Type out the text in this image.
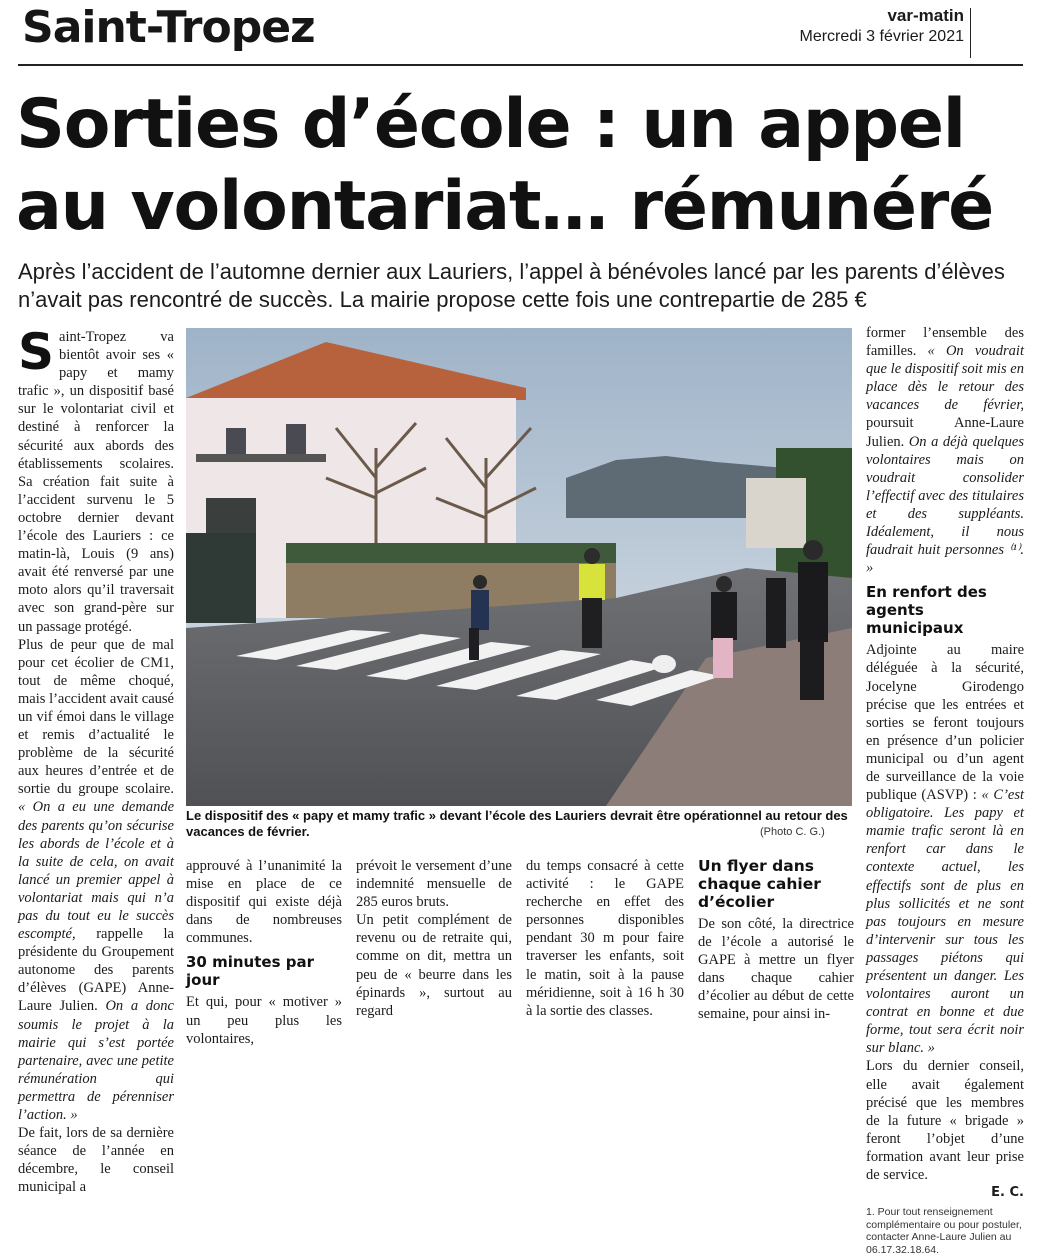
Saint-Tropez	var-matin
Mercredi 3 février 2021
Sorties d’école : un appel
au volontariat… rémunéré
Après l’accident de l’automne dernier aux Lauriers, l’appel à bénévoles lancé par les parents d’élèves n’avait pas rencontré de succès. La mairie propose cette fois une contrepartie de 285 €

Saint-Tropez va bientôt avoir ses « papy et mamy trafic », un dispositif basé sur le volontariat civil et destiné à renforcer la sécurité aux abords des établissements scolaires. Sa création fait suite à l’accident survenu le 5 octobre dernier devant l’école des Lauriers : ce matin-là, Louis (9 ans) avait été renversé par une moto alors qu’il traversait avec son grand-père sur un passage protégé.

Plus de peur que de mal pour cet écolier de CM1, tout de même choqué, mais l’accident avait causé un vif émoi dans le village et remis d’actualité le problème de la sécurité aux heures d’entrée et de sortie du groupe scolaire. « On a eu une demande des parents qu’on sécurise les abords de l’école et à la suite de cela, on avait lancé un premier appel à volontariat mais qui n’a pas du tout eu le succès escompté, rappelle la présidente du Groupement autonome des parents d’élèves (GAPE) Anne-Laure Julien. On a donc soumis le projet à la mairie qui s’est portée partenaire, avec une petite rémunération qui permettra de pérenniser l’action. »

De fait, lors de sa dernière séance de l’année en décembre, le conseil municipal a

Le dispositif des « papy et mamy trafic » devant l’école des Lauriers devrait être opérationnel au retour des vacances de février.	(Photo C. G.)

approuvé à l’unanimité la mise en place de ce dispositif qui existe déjà dans de nombreuses communes.

30 minutes par jour

Et qui, pour « motiver » un peu plus les volontaires,

prévoit le versement d’une indemnité mensuelle de 285 euros bruts.

Un petit complément de revenu ou de retraite qui, comme on dit, mettra un peu de « beurre dans les épinards », surtout au regard

du temps consacré à cette activité : le GAPE recherche en effet des personnes disponibles pendant 30 m pour faire traverser les enfants, soit le matin, soit à la pause méridienne, soit à 16 h 30 à la sortie des classes.

Un flyer dans chaque cahier d’écolier

De son côté, la directrice de l’école a autorisé le GAPE à mettre un flyer dans chaque cahier d’écolier au début de cette semaine, pour ainsi in-

former l’ensemble des familles. « On voudrait que le dispositif soit mis en place dès le retour des vacances de février, poursuit Anne-Laure Julien. On a déjà quelques volontaires mais on voudrait consolider l’effectif avec des titulaires et des suppléants. Idéalement, il nous faudrait huit personnes ⁽¹⁾. »

En renfort des agents municipaux

Adjointe au maire déléguée à la sécurité, Jocelyne Girodengo précise que les entrées et sorties se feront toujours en présence d’un policier municipal ou d’un agent de surveillance de la voie publique (ASVP) : « C’est obligatoire. Les papy et mamie trafic seront là en renfort car dans le contexte actuel, les effectifs sont de plus en plus sollicités et ne sont pas toujours en mesure d’intervenir sur tous les passages piétons qui présentent un danger. Les volontaires auront un contrat en bonne et due forme, tout sera écrit noir sur blanc. »

Lors du dernier conseil, elle avait également précisé que les membres de la future « brigade » feront l’objet d’une formation avant leur prise de service.

E. C.
1. Pour tout renseignement complémentaire ou pour postuler, contacter Anne-Laure Julien au 06.17.32.18.64.
